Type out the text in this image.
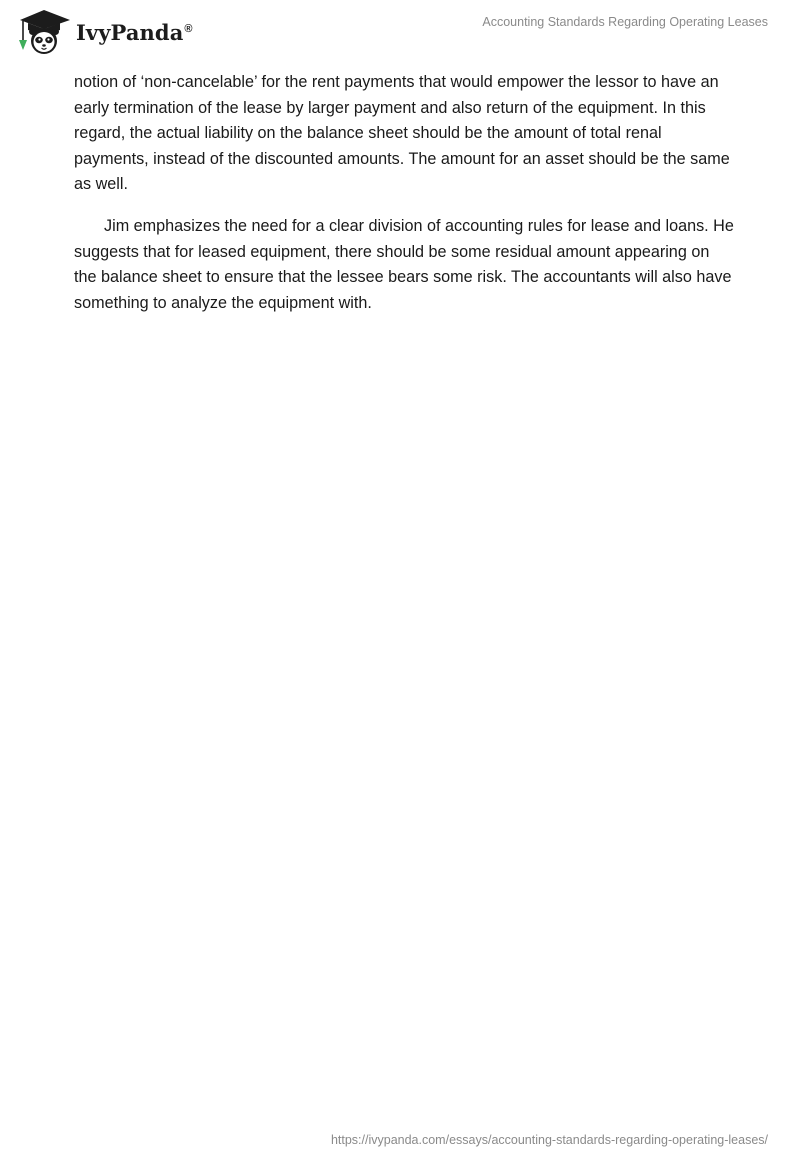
IvyPanda®	Accounting Standards Regarding Operating Leases

notion of ‘non-cancelable’ for the rent payments that would empower the lessor to have an early termination of the lease by larger payment and also return of the equipment. In this regard, the actual liability on the balance sheet should be the amount of total renal payments, instead of the discounted amounts. The amount for an asset should be the same as well.

Jim emphasizes the need for a clear division of accounting rules for lease and loans. He suggests that for leased equipment, there should be some residual amount appearing on the balance sheet to ensure that the lessee bears some risk. The accountants will also have something to analyze the equipment with.

https://ivypanda.com/essays/accounting-standards-regarding-operating-leases/
